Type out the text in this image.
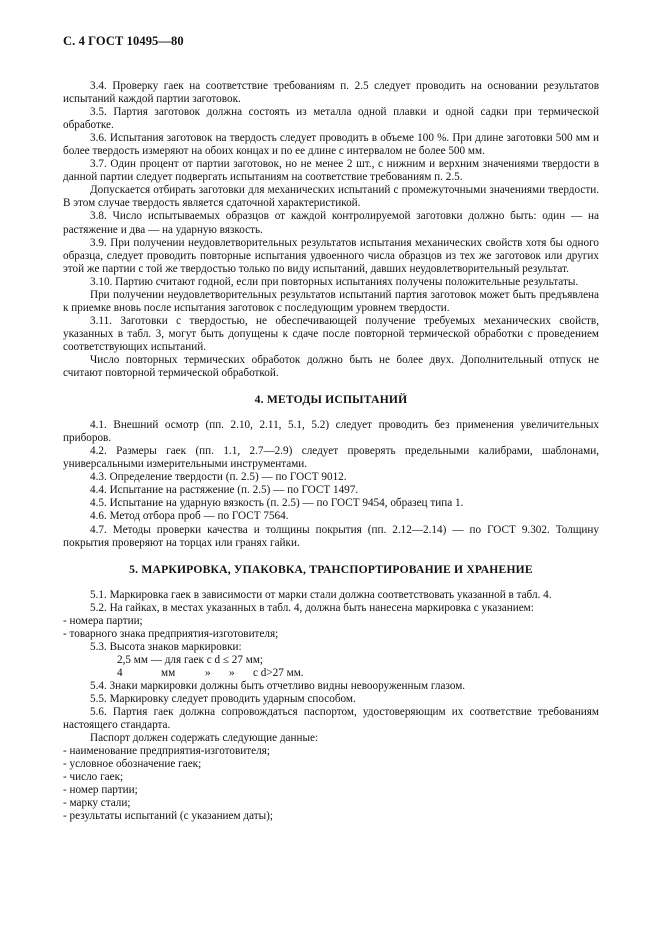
С. 4 ГОСТ 10495—80

3.4. Проверку гаек на соответствие требованиям п. 2.5 следует проводить на основании результатов испытаний каждой партии заготовок.

3.5. Партия заготовок должна состоять из металла одной плавки и одной садки при термической обработке.

3.6. Испытания заготовок на твердость следует проводить в объеме 100 %. При длине заготовки 500 мм и более твердость измеряют на обоих концах и по ее длине с интервалом не более 500 мм.

3.7. Один процент от партии заготовок, но не менее 2 шт., с нижним и верхним значениями твердости в данной партии следует подвергать испытаниям на соответствие требованиям п. 2.5.

Допускается отбирать заготовки для механических испытаний с промежуточными значениями твердости. В этом случае твердость является сдаточной характеристикой.

3.8. Число испытываемых образцов от каждой контролируемой заготовки должно быть: один — на растяжение и два — на ударную вязкость.

3.9. При получении неудовлетворительных результатов испытания механических свойств хотя бы одного образца, следует проводить повторные испытания удвоенного числа образцов из тех же заготовок или других этой же партии с той же твердостью только по виду испытаний, давших неудовлетворительный результат.

3.10. Партию считают годной, если при повторных испытаниях получены положительные результаты.

При получении неудовлетворительных результатов испытаний партия заготовок может быть предъявлена к приемке вновь после испытания заготовок с последующим уровнем твердости.

3.11. Заготовки с твердостью, не обеспечивающей получение требуемых механических свойств, указанных в табл. 3, могут быть допущены к сдаче после повторной термической обработки с проведением соответствующих испытаний.

Число повторных термических обработок должно быть не более двух. Дополнительный отпуск не считают повторной термической обработкой.

4. МЕТОДЫ ИСПЫТАНИЙ

4.1. Внешний осмотр (пп. 2.10, 2.11, 5.1, 5.2) следует проводить без применения увеличительных приборов.

4.2. Размеры гаек (пп. 1.1, 2.7—2.9) следует проверять предельными калибрами, шаблонами, универсальными измерительными инструментами.

4.3. Определение твердости (п. 2.5) — по ГОСТ 9012.

4.4. Испытание на растяжение (п. 2.5) — по ГОСТ 1497.

4.5. Испытание на ударную вязкость (п. 2.5) — по ГОСТ 9454, образец типа 1.

4.6. Метод отбора проб — по ГОСТ 7564.

4.7. Методы проверки качества и толщины покрытия (пп. 2.12—2.14) — по ГОСТ 9.302. Толщину покрытия проверяют на торцах или гранях гайки.

5. МАРКИРОВКА, УПАКОВКА, ТРАНСПОРТИРОВАНИЕ И ХРАНЕНИЕ

5.1. Маркировка гаек в зависимости от марки стали должна соответствовать указанной в табл. 4.

5.2. На гайках, в местах указанных в табл. 4, должна быть нанесена маркировка с указанием:

- номера партии;

- товарного знака предприятия-изготовителя;

5.3. Высота знаков маркировки:

2,5 мм — для гаек с d ≤ 27 мм;

4	мм	» » с d>27 мм.

5.4. Знаки маркировки должны быть отчетливо видны невооруженным глазом.

5.5. Маркировку следует проводить ударным способом.

5.6. Партия гаек должна сопровождаться паспортом, удостоверяющим их соответствие требованиям настоящего стандарта.

Паспорт должен содержать следующие данные:

- наименование предприятия-изготовителя;

- условное обозначение гаек;

- число гаек;

- номер партии;

- марку стали;

- результаты испытаний (с указанием даты);
